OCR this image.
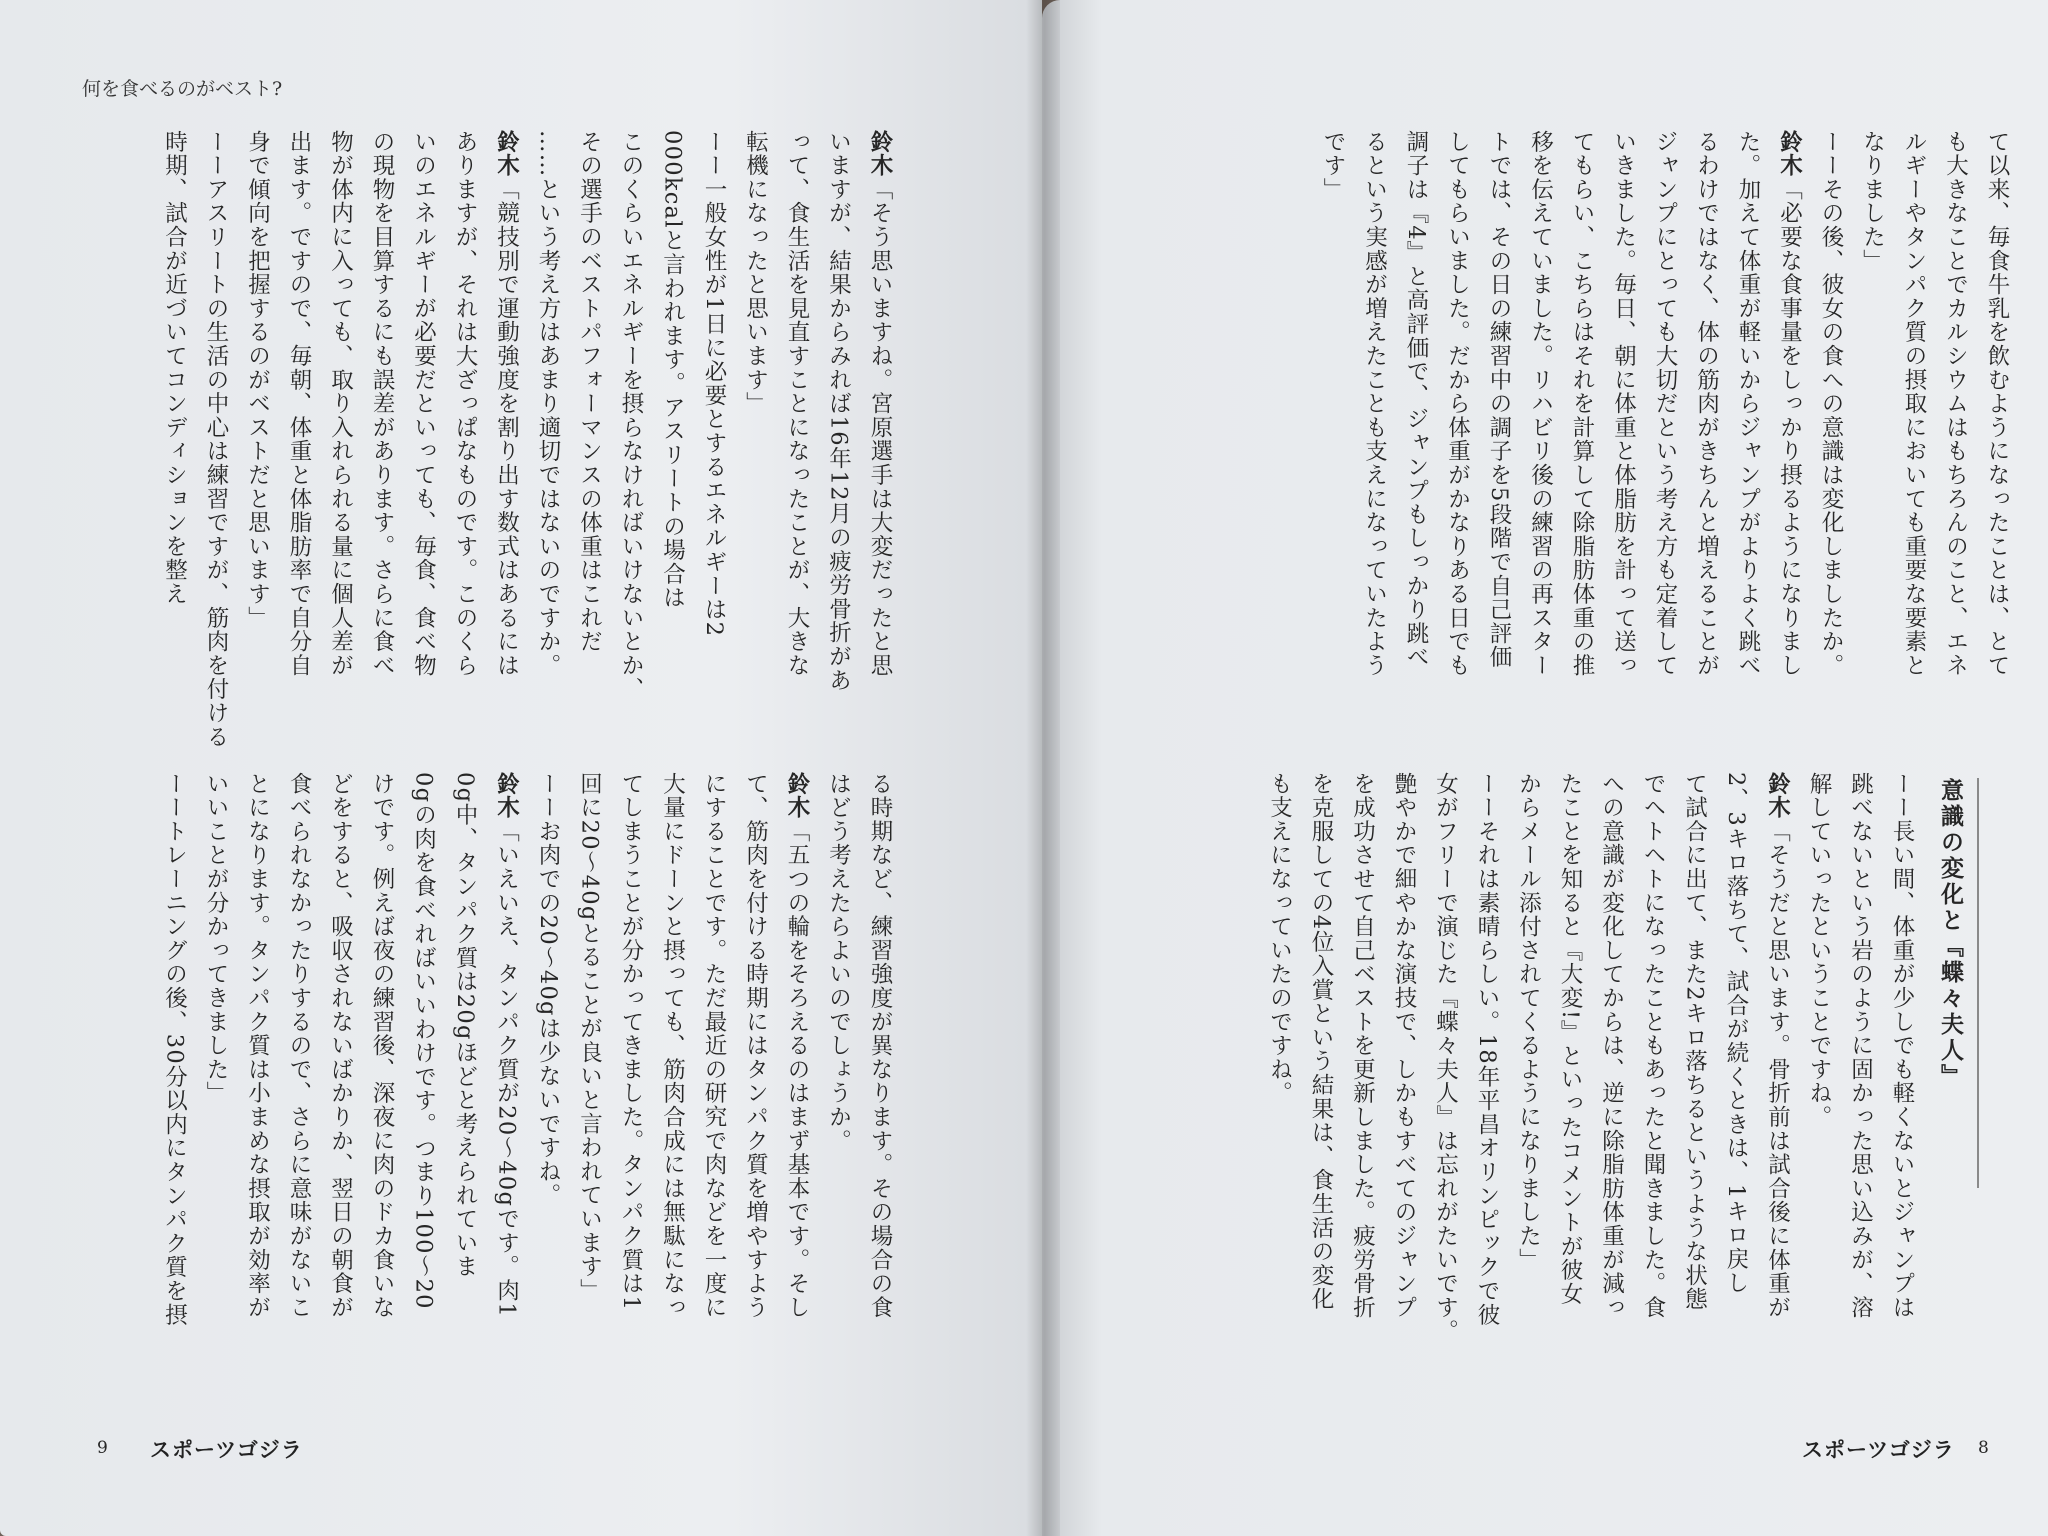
何を食べるのがベスト?
鈴木「そう思いますね。宮原選手は大変だったと思
いますが、結果からみれば16年12月の疲労骨折があ
って、食生活を見直すことになったことが、大きな
転機になったと思います」
ーー一般女性が1日に必要とするエネルギーは2
000kcalと言われます。アスリートの場合は
このくらいエネルギーを摂らなければいけないとか、
その選手のベストパフォーマンスの体重はこれだ
……という考え方はあまり適切ではないのですか。
鈴木「競技別で運動強度を割り出す数式はあるには
ありますが、それは大ざっぱなものです。このくら
いのエネルギーが必要だといっても、毎食、食べ物
の現物を目算するにも誤差があります。さらに食べ
物が体内に入っても、取り入れられる量に個人差が
出ます。ですので、毎朝、体重と体脂肪率で自分自
身で傾向を把握するのがベストだと思います」
ーーアスリートの生活の中心は練習ですが、筋肉を付ける時期、試合が近づいてコンディションを整え
る時期など、練習強度が異なります。その場合の食
はどう考えたらよいのでしょうか。
鈴木「五つの輪をそろえるのはまず基本です。そし
て、筋肉を付ける時期にはタンパク質を増やすよう
にすることです。ただ最近の研究で肉などを一度に
大量にドーンと摂っても、筋肉合成には無駄になっ
てしまうことが分かってきました。タンパク質は1
回に20～40gとることが良いと言われています」
ーーお肉での20～40gは少ないですね。
鈴木「いえいえ、タンパク質が20～40gです。肉1
0g中、タンパク質は20gほどと考えられていま
0gの肉を食べればいいわけです。つまり100～20
けです。例えば夜の練習後、深夜に肉のドカ食いな
どをすると、吸収されないばかりか、翌日の朝食が
食べられなかったりするので、さらに意味がないこ
とになります。タンパク質は小まめな摂取が効率が
いいことが分かってきました」
ーートレーニングの後、30分以内にタンパク質を摂
9 スポーツゴジラ
て以来、毎食牛乳を飲むようになったことは、とて
も大きなことでカルシウムはもちろんのこと、エネ
ルギーやタンパク質の摂取においても重要な要素と
なりました」
ーーその後、彼女の食への意識は変化しましたか。
鈴木「必要な食事量をしっかり摂るようになりまし
た。加えて体重が軽いからジャンプがよりよく跳べ
るわけではなく、体の筋肉がきちんと増えることが
ジャンプにとっても大切だという考え方も定着して
いきました。毎日、朝に体重と体脂肪を計って送っ
てもらい、こちらはそれを計算して除脂肪体重の推
移を伝えていました。リハビリ後の練習の再スター
トでは、その日の練習中の調子を5段階で自己評価
してもらいました。だから体重がかなりある日でも
調子は『4』と高評価で、ジャンプもしっかり跳べ
るという実感が増えたことも支えになっていたよう
です」
意識の変化と『蝶々夫人』
ーー長い間、体重が少しでも軽くないとジャンプは
跳べないという岩のように固かった思い込みが、溶
解していったということですね。
鈴木「そうだと思います。骨折前は試合後に体重が
2、3キロ落ちて、試合が続くときは、1キロ戻し
て試合に出て、また2キロ落ちるというような状態
でヘトヘトになったこともあったと聞きました。食
への意識が変化してからは、逆に除脂肪体重が減っ
たことを知ると『大変!』といったコメントが彼女
からメール添付されてくるようになりました」
ーーそれは素晴らしい。18年平昌オリンピックで彼
女がフリーで演じた『蝶々夫人』は忘れがたいです。
艶やかで細やかな演技で、しかもすべてのジャンプ
を成功させて自己ベストを更新しました。疲労骨折
を克服しての4位入賞という結果は、食生活の変化
も支えになっていたのですね。
スポーツゴジラ 8
